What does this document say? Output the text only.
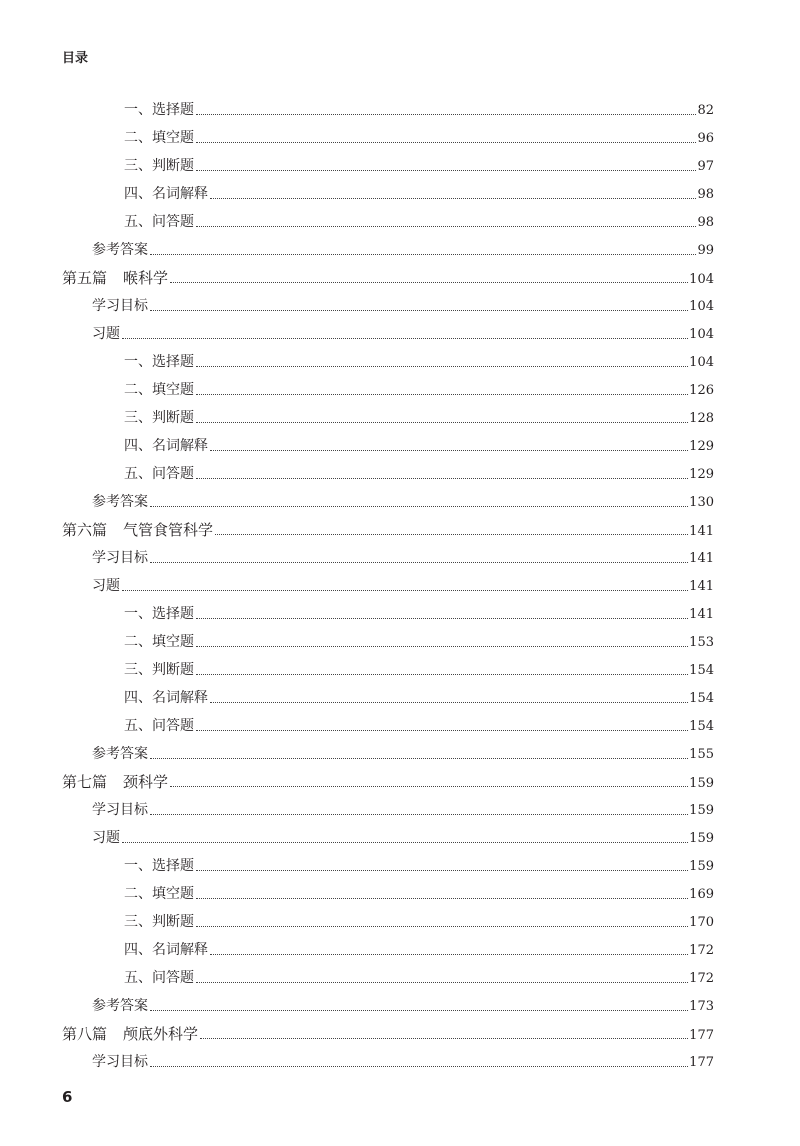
目录
一、选择题	82
二、填空题	96
三、判断题	97
四、名词解释	98
五、问答题	98
参考答案	99
第五篇 喉科学	104
学习目标	104
习题	104
一、选择题	104
二、填空题	126
三、判断题	128
四、名词解释	129
五、问答题	129
参考答案	130
第六篇 气管食管科学	141
学习目标	141
习题	141
一、选择题	141
二、填空题	153
三、判断题	154
四、名词解释	154
五、问答题	154
参考答案	155
第七篇 颈科学	159
学习目标	159
习题	159
一、选择题	159
二、填空题	169
三、判断题	170
四、名词解释	172
五、问答题	172
参考答案	173
第八篇 颅底外科学	177
学习目标	177
6
